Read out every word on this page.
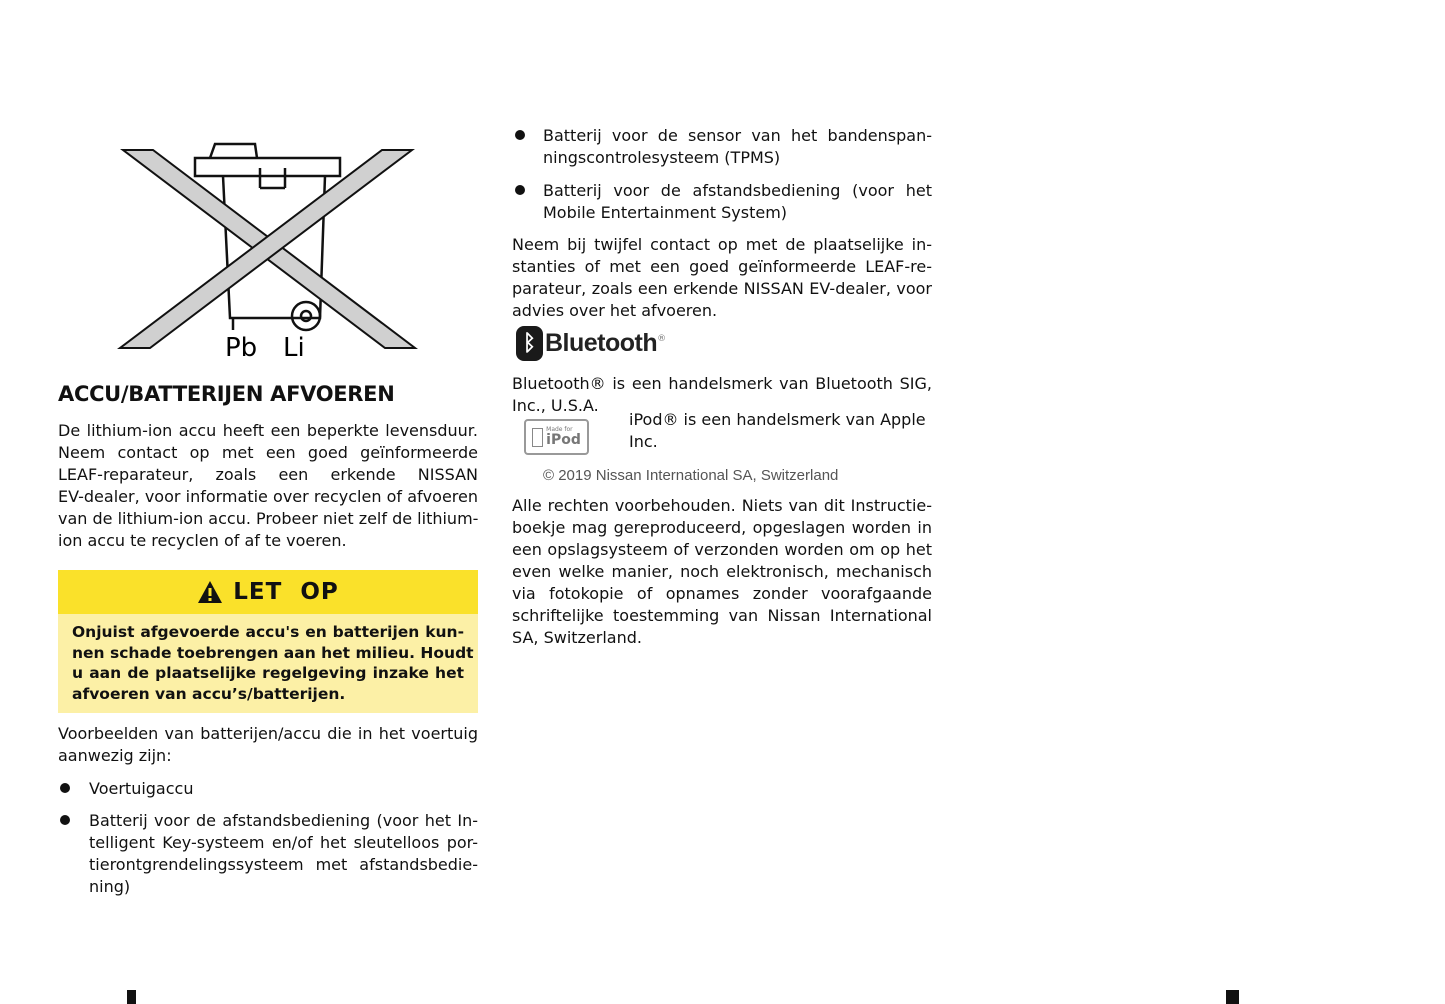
Pb Li
ACCU/BATTERIJEN AFVOEREN
De lithium-ion accu heeft een beperkte levensduur.
Neem contact op met een goed geïnformeerde
LEAF-reparateur, zoals een erkende NISSAN
EV-dealer, voor informatie over recyclen of afvoeren
van de lithium-ion accu. Probeer niet zelf de lithium-
ion accu te recyclen of af te voeren.
LET  OP
Onjuist afgevoerde accu's en batterijen kun-
nen schade toebrengen aan het milieu. Houdt
u aan de plaatselijke regelgeving inzake het
afvoeren van accu’s/batterijen.
Voorbeelden van batterijen/accu die in het voertuig
aanwezig zijn:
Voertuigaccu
Batterij voor de afstandsbediening (voor het In-
telligent Key-systeem en/of het sleutelloos por-
tierontgrendelingssysteem met afstandsbedie-
ning)
Batterij voor de sensor van het bandenspan-
ningscontrolesysteem (TPMS)
Batterij voor de afstandsbediening (voor het
Mobile Entertainment System)
Neem bij twijfel contact op met de plaatselijke in-
stanties of met een goed geïnformeerde LEAF-re-
parateur, zoals een erkende NISSAN EV-dealer, voor
advies over het afvoeren.
ᛒ Bluetooth ®
Bluetooth® is een handelsmerk van Bluetooth SIG,
Inc., U.S.A.
Made for
iPod
iPod® is een handelsmerk van Apple
Inc.
© 2019 Nissan International SA, Switzerland
Alle rechten voorbehouden. Niets van dit Instructie-
boekje mag gereproduceerd, opgeslagen worden in
een opslagsysteem of verzonden worden om op het
even welke manier, noch elektronisch, mechanisch
via fotokopie of opnames zonder voorafgaande
schriftelijke toestemming van Nissan International
SA, Switzerland.
